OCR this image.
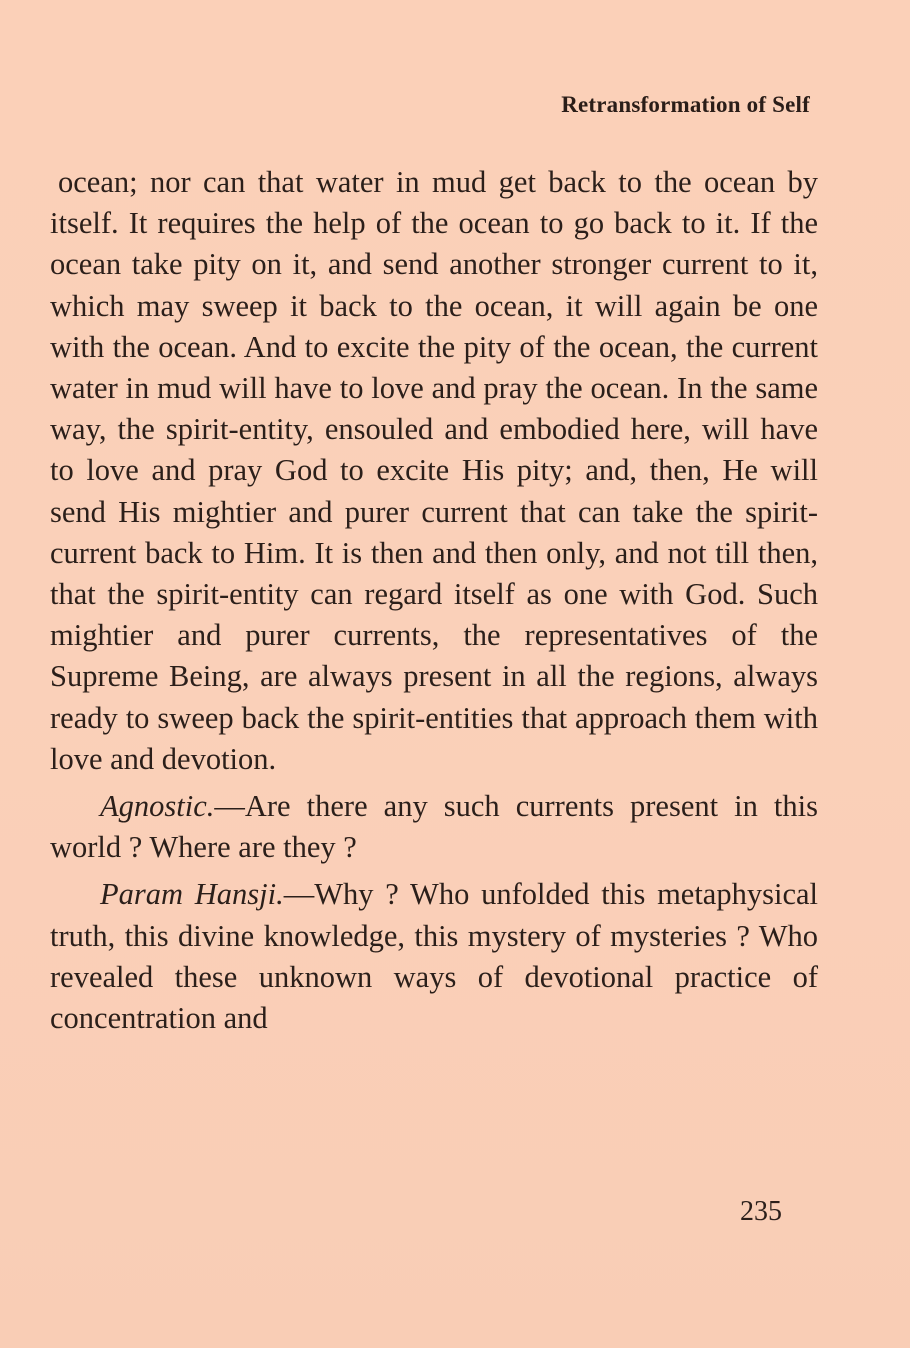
Retransformation of Self

ocean; nor can that water in mud get back to the ocean by itself. It requires the help of the ocean to go back to it. If the ocean take pity on it, and send another stronger current to it, which may sweep it back to the ocean, it will again be one with the ocean. And to excite the pity of the ocean, the current water in mud will have to love and pray the ocean. In the same way, the spirit-entity, ensouled and embodied here, will have to love and pray God to excite His pity; and, then, He will send His mightier and purer current that can take the spirit-current back to Him. It is then and then only, and not till then, that the spirit-entity can regard itself as one with God. Such mightier and purer currents, the representatives of the Supreme Being, are always present in all the regions, always ready to sweep back the spirit-entities that approach them with love and devotion.

Agnostic.—Are there any such currents present in this world ? Where are they ?

Param Hansji.—Why ? Who unfolded this metaphysical truth, this divine knowledge, this mystery of mysteries ? Who revealed these unknown ways of devotional practice of concentration and

235
